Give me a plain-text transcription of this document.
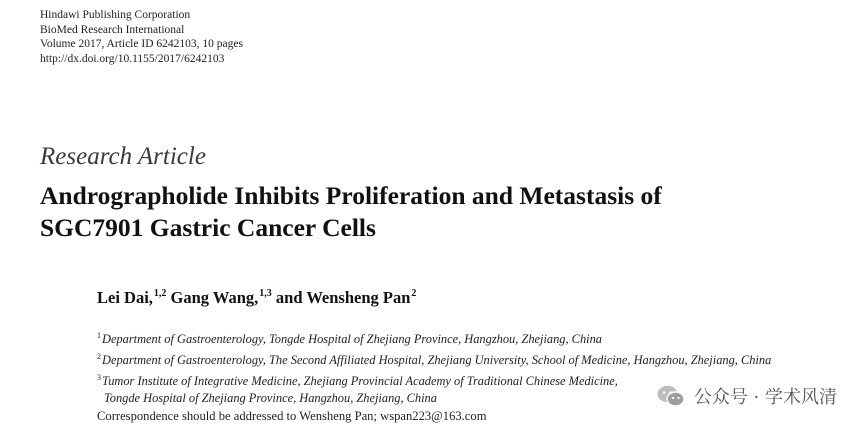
Hindawi Publishing Corporation
BioMed Research International
Volume 2017, Article ID 6242103, 10 pages
http://dx.doi.org/10.1155/2017/6242103
Research Article
Andrographolide Inhibits Proliferation and Metastasis of
SGC7901 Gastric Cancer Cells
Lei Dai,$^{1,2}$ Gang Wang,$^{1,3}$ and Wensheng Pan$^2$
$^1$Department of Gastroenterology, Tongde Hospital of Zhejiang Province, Hangzhou, Zhejiang, China
$^2$Department of Gastroenterology, The Second Affiliated Hospital, Zhejiang University, School of Medicine, Hangzhou, Zhejiang, China
$^3$Tumor Institute of Integrative Medicine, Zhejiang Provincial Academy of Traditional Chinese Medicine,
Tongde Hospital of Zhejiang Province, Hangzhou, Zhejiang, China
Correspondence should be addressed to Wensheng Pan; wspan223@163.com
公众号 · 学术风清
